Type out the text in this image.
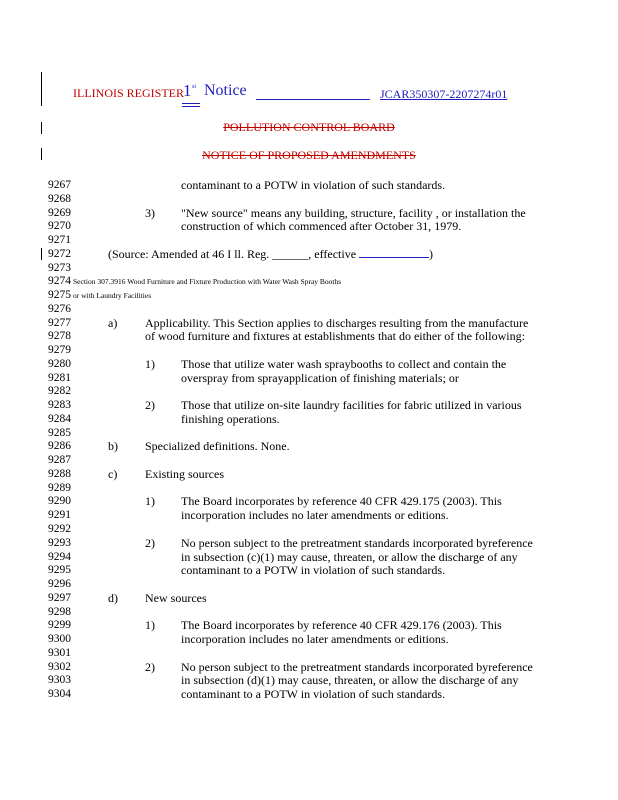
ILLINOIS REGISTER 1 st Notice	JCAR350307-2207274r01
POLLUTION CONTROL BOARD
NOTICE OF PROPOSED AMENDMENTS
9267	contaminant to a POTW in violation of such standards.
9268
9269	3) "New source" means any building, structure, facility , or installation the
9270	construction of which commenced after October 31, 1979.
9271
9272	(Source: Amended at 46 I ll. Reg. ______, effective	)
9273
9274 Section 307.3916 Wood Furniture and Fixture Production with Water Wash Spray Booths
9275 or with Laundry Facilities
9276
9277	a) Applicability. This Section applies to discharges resulting from the manufacture
9278	of wood furniture and fixtures at establishments that do either of the following:
9279
9280	1) Those that utilize water wash spraybooths to collect and contain the
9281	overspray from sprayapplication of finishing materials; or
9282
9283	2) Those that utilize on-site laundry facilities for fabric utilized in various
9284	finishing operations.
9285
9286	b) Specialized definitions. None.
9287
9288	c) Existing sources
9289
9290	1) The Board incorporates by reference 40 CFR 429.175 (2003). This
9291	incorporation includes no later amendments or editions.
9292
9293	2) No person subject to the pretreatment standards incorporated byreference
9294	in subsection (c)(1) may cause, threaten, or allow the discharge of any
9295	contaminant to a POTW in violation of such standards.
9296
9297	d) New sources
9298
9299	1) The Board incorporates by reference 40 CFR 429.176 (2003). This
9300	incorporation includes no later amendments or editions.
9301
9302	2) No person subject to the pretreatment standards incorporated byreference
9303	in subsection (d)(1) may cause, threaten, or allow the discharge of any
9304	contaminant to a POTW in violation of such standards.
